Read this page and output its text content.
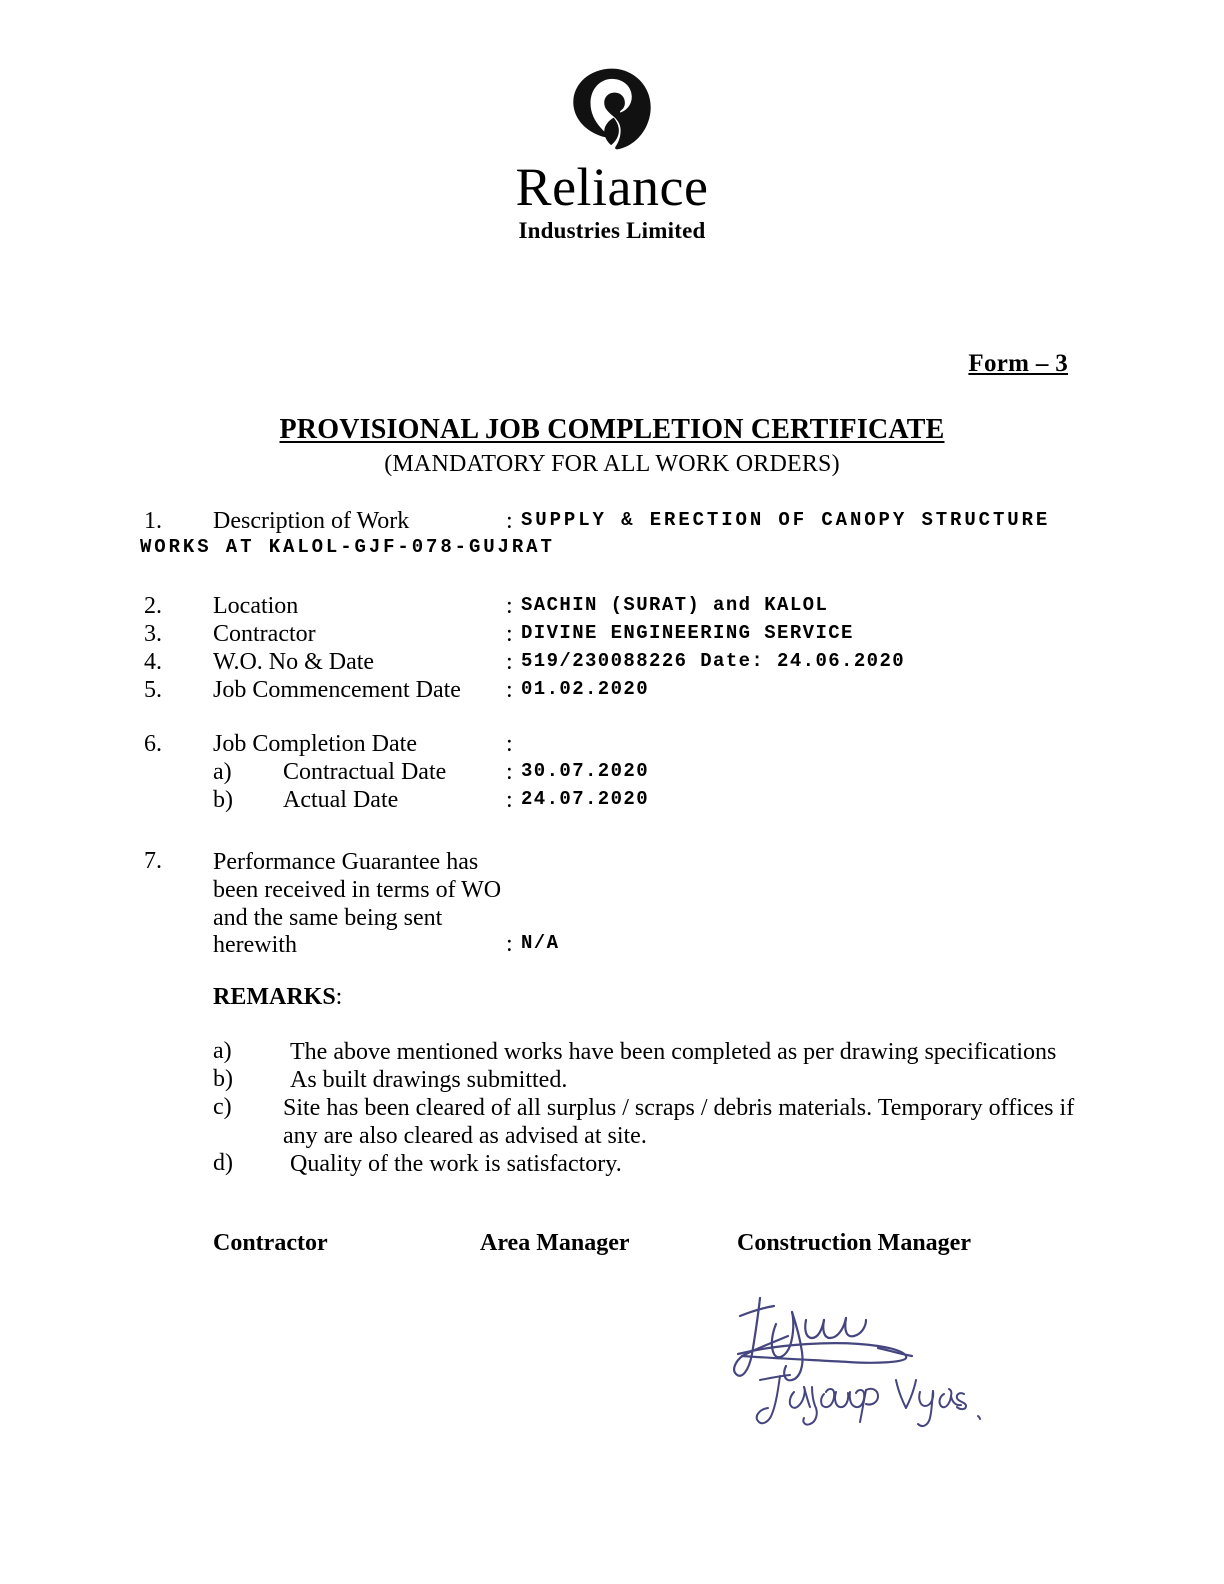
Reliance
Industries Limited
Form – 3
PROVISIONAL JOB COMPLETION CERTIFICATE
(MANDATORY FOR ALL WORK ORDERS)
1. Description of Work	: SUPPLY & ERECTION OF CANOPY STRUCTURE
WORKS AT KALOL-GJF-078-GUJRAT
2. Location	: SACHIN (SURAT) and KALOL
3. Contractor	: DIVINE ENGINEERING SERVICE
4. W.O. No & Date	: 519/230088226 Date: 24.06.2020
5. Job Commencement Date : 01.02.2020
6. Job Completion Date	:
a) Contractual Date : 30.07.2020
b) Actual Date	: 24.07.2020
7. Performance Guarantee has
been received in terms of WO
and the same being sent
herewith	: N/A
REMARKS:
a) The above mentioned works have been completed as per drawing specifications
b) As built drawings submitted.
c) Site has been cleared of all surplus / scraps / debris materials. Temporary offices if any are also cleared as advised at site.
d) Quality of the work is satisfactory.
Contractor	Area Manager	Construction Manager
